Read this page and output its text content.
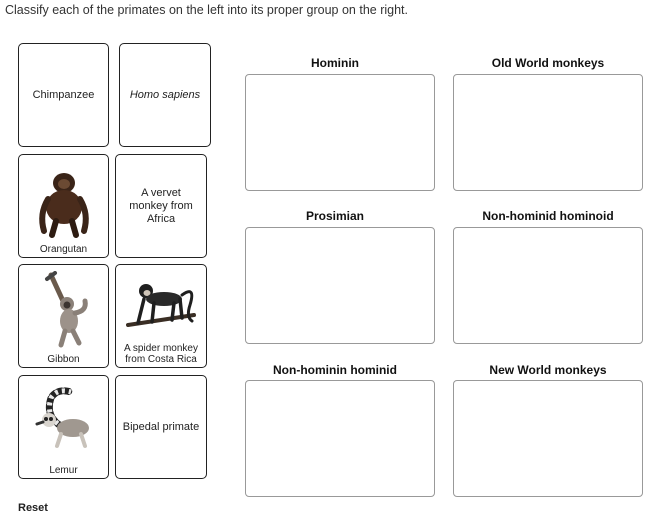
Classify each of the primates on the left into its proper group on the right.
Chimpanzee	Homo sapiens
Orangutan
A vervet monkey from Africa
Gibbon
A spider monkey from Costa Rica
Lemur
Bipedal primate
Hominin	Old World monkeys
Prosimian	Non-hominid hominoid
Non-hominin hominid	New World monkeys
Reset
